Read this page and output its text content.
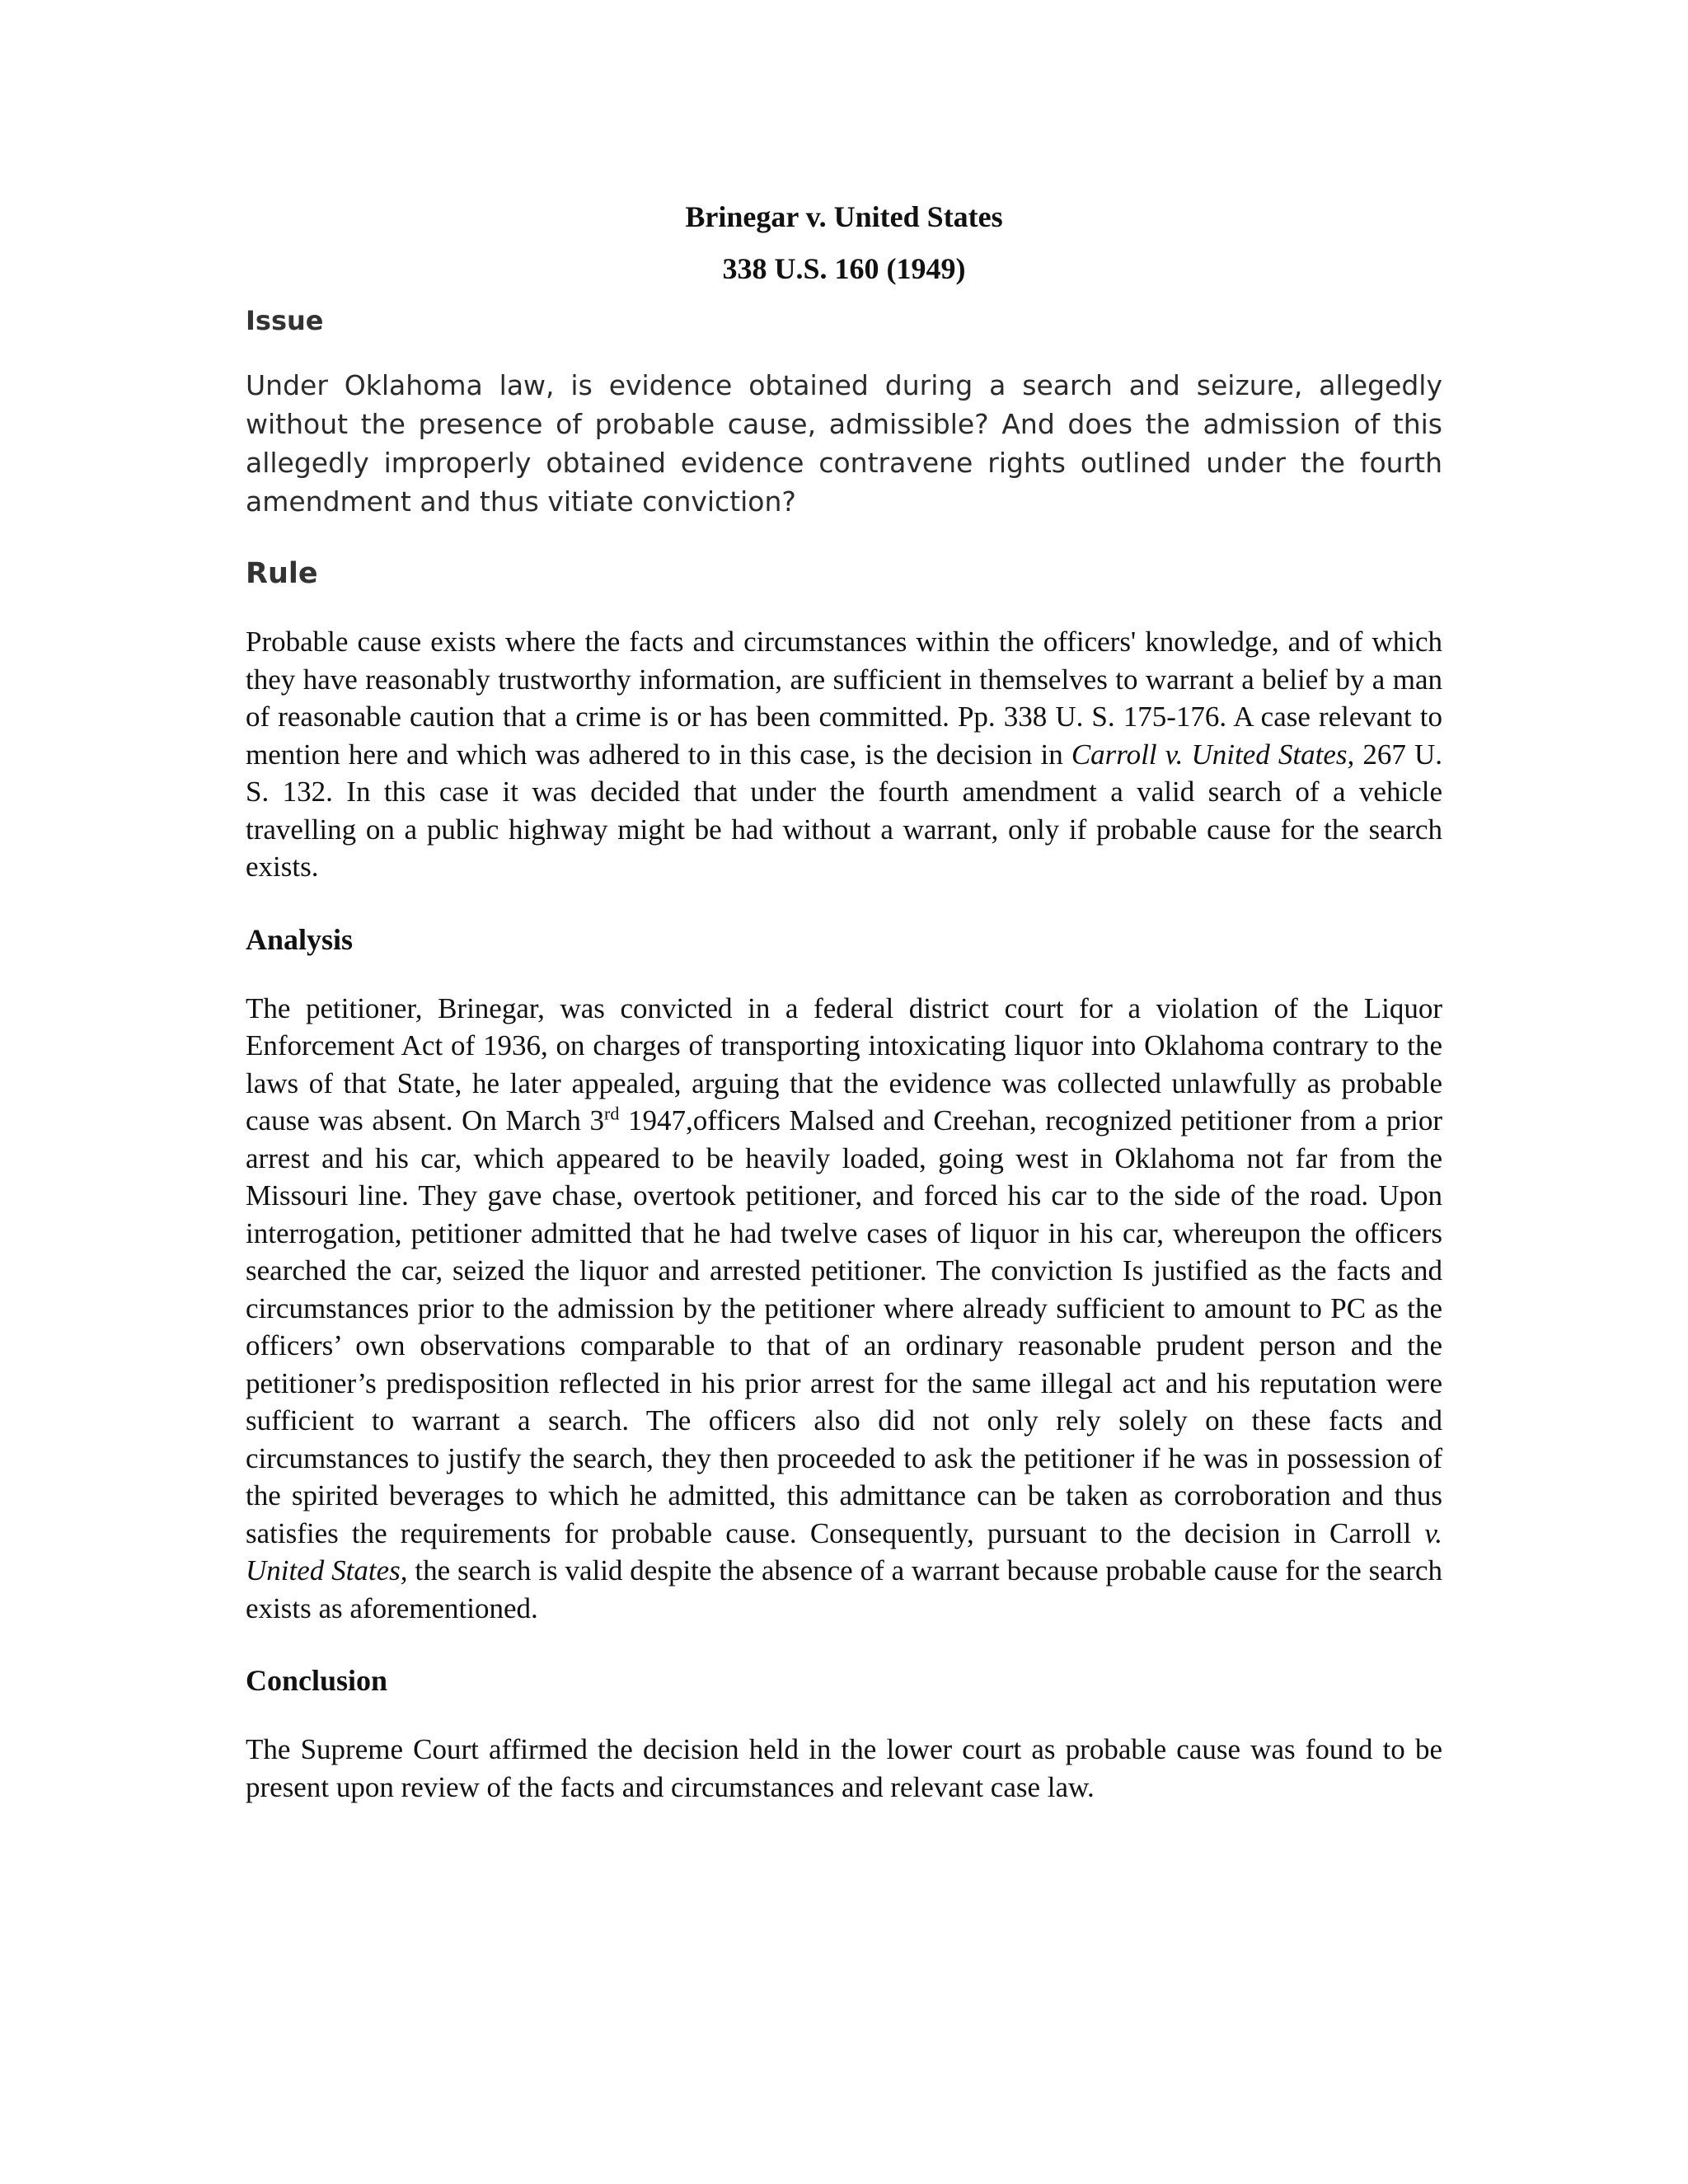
Brinegar v. United States
338 U.S. 160 (1949)
Issue

Under Oklahoma law, is evidence obtained during a search and seizure, allegedly without the presence of probable cause, admissible? And does the admission of this allegedly improperly obtained evidence contravene rights outlined under the fourth amendment and thus vitiate conviction?

Rule

Probable cause exists where the facts and circumstances within the officers' knowledge, and of which they have reasonably trustworthy information, are sufficient in themselves to warrant a belief by a man of reasonable caution that a crime is or has been committed. Pp. 338 U. S. 175-176. A case relevant to mention here and which was adhered to in this case, is the decision in Carroll v. United States, 267 U. S. 132. In this case it was decided that under the fourth amendment a valid search of a vehicle travelling on a public highway might be had without a warrant, only if probable cause for the search exists.

Analysis

The petitioner, Brinegar, was convicted in a federal district court for a violation of the Liquor Enforcement Act of 1936, on charges of transporting intoxicating liquor into Oklahoma contrary to the laws of that State, he later appealed, arguing that the evidence was collected unlawfully as probable cause was absent. On March 3rd 1947,officers Malsed and Creehan, recognized petitioner from a prior arrest and his car, which appeared to be heavily loaded, going west in Oklahoma not far from the Missouri line. They gave chase, overtook petitioner, and forced his car to the side of the road. Upon interrogation, petitioner admitted that he had twelve cases of liquor in his car, whereupon the officers searched the car, seized the liquor and arrested petitioner. The conviction Is justified as the facts and circumstances prior to the admission by the petitioner where already sufficient to amount to PC as the officers’ own observations comparable to that of an ordinary reasonable prudent person and the petitioner’s predisposition reflected in his prior arrest for the same illegal act and his reputation were sufficient to warrant a search. The officers also did not only rely solely on these facts and circumstances to justify the search, they then proceeded to ask the petitioner if he was in possession of the spirited beverages to which he admitted, this admittance can be taken as corroboration and thus satisfies the requirements for probable cause. Consequently, pursuant to the decision in Carroll v. United States, the search is valid despite the absence of a warrant because probable cause for the search exists as aforementioned.

Conclusion

The Supreme Court affirmed the decision held in the lower court as probable cause was found to be present upon review of the facts and circumstances and relevant case law.
